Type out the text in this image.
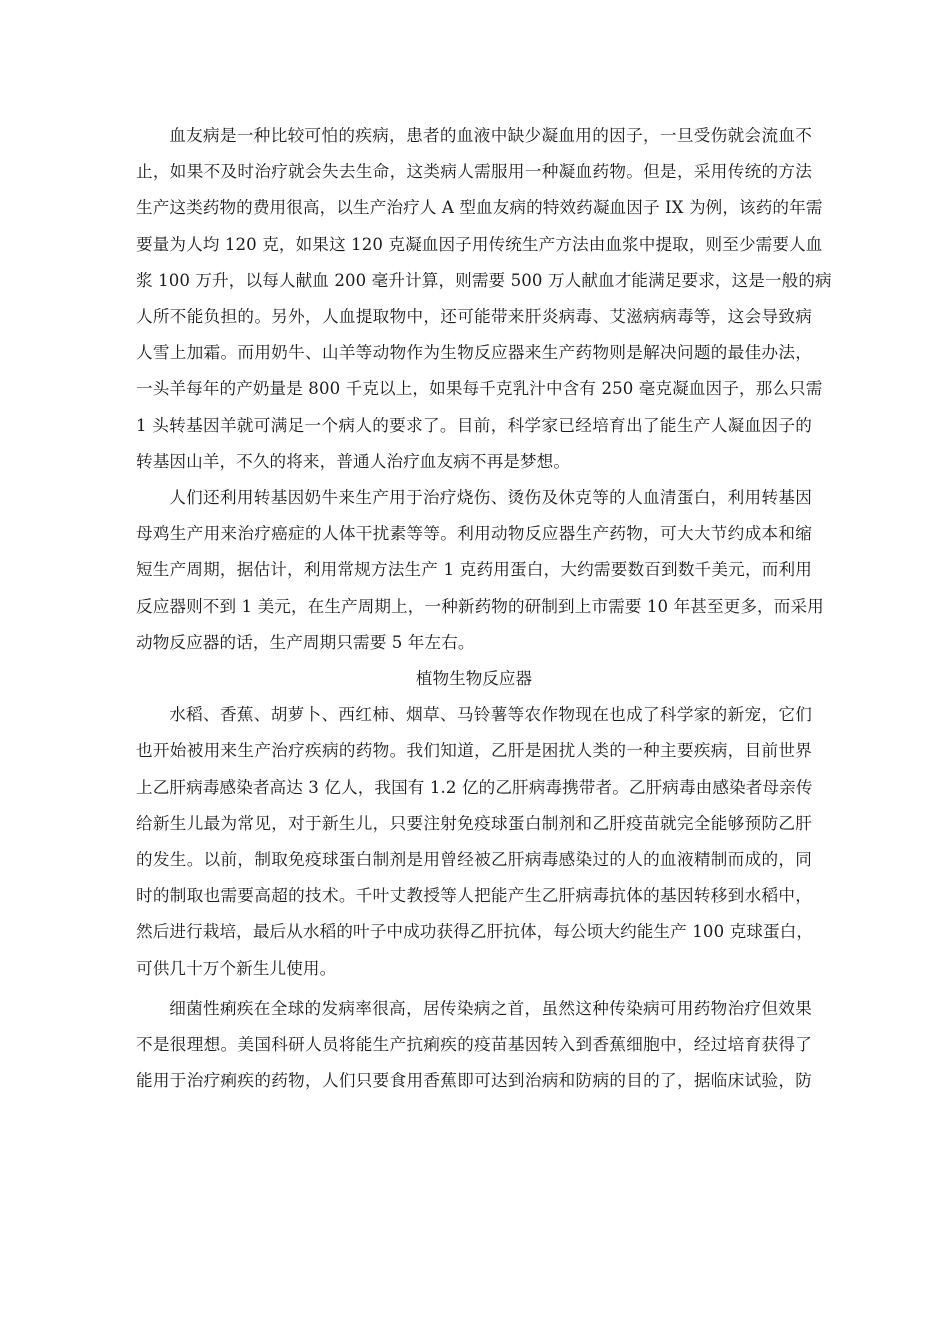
血友病是一种比较可怕的疾病，患者的血液中缺少凝血用的因子，一旦受伤就会流血不
止，如果不及时治疗就会失去生命，这类病人需服用一种凝血药物。但是，采用传统的方法
生产这类药物的费用很高，以生产治疗人 A 型血友病的特效药凝血因子 IX 为例，该药的年需
要量为人均 120 克，如果这 120 克凝血因子用传统生产方法由血浆中提取，则至少需要人血
浆 100 万升，以每人献血 200 毫升计算，则需要 500 万人献血才能满足要求，这是一般的病
人所不能负担的。另外，人血提取物中，还可能带来肝炎病毒、艾滋病病毒等，这会导致病
人雪上加霜。而用奶牛、山羊等动物作为生物反应器来生产药物则是解决问题的最佳办法，
一头羊每年的产奶量是 800 千克以上，如果每千克乳汁中含有 250 毫克凝血因子，那么只需
1 头转基因羊就可满足一个病人的要求了。目前，科学家已经培育出了能生产人凝血因子的
转基因山羊，不久的将来，普通人治疗血友病不再是梦想。

人们还利用转基因奶牛来生产用于治疗烧伤、烫伤及休克等的人血清蛋白，利用转基因
母鸡生产用来治疗癌症的人体干扰素等等。利用动物反应器生产药物，可大大节约成本和缩
短生产周期，据估计，利用常规方法生产 1 克药用蛋白，大约需要数百到数千美元，而利用
反应器则不到 1 美元，在生产周期上，一种新药物的研制到上市需要 10 年甚至更多，而采用
动物反应器的话，生产周期只需要 5 年左右。

植物生物反应器

水稻、香蕉、胡萝卜、西红柿、烟草、马铃薯等农作物现在也成了科学家的新宠，它们
也开始被用来生产治疗疾病的药物。我们知道，乙肝是困扰人类的一种主要疾病，目前世界
上乙肝病毒感染者高达 3 亿人，我国有 1.2 亿的乙肝病毒携带者。乙肝病毒由感染者母亲传
给新生儿最为常见，对于新生儿，只要注射免疫球蛋白制剂和乙肝疫苗就完全能够预防乙肝
的发生。以前，制取免疫球蛋白制剂是用曾经被乙肝病毒感染过的人的血液精制而成的，同
时的制取也需要高超的技术。千叶丈教授等人把能产生乙肝病毒抗体的基因转移到水稻中，
然后进行栽培，最后从水稻的叶子中成功获得乙肝抗体，每公顷大约能生产 100 克球蛋白，
可供几十万个新生儿使用。

细菌性痢疾在全球的发病率很高，居传染病之首，虽然这种传染病可用药物治疗但效果
不是很理想。美国科研人员将能生产抗痢疾的疫苗基因转入到香蕉细胞中，经过培育获得了
能用于治疗痢疾的药物，人们只要食用香蕉即可达到治病和防病的目的了，据临床试验，防
